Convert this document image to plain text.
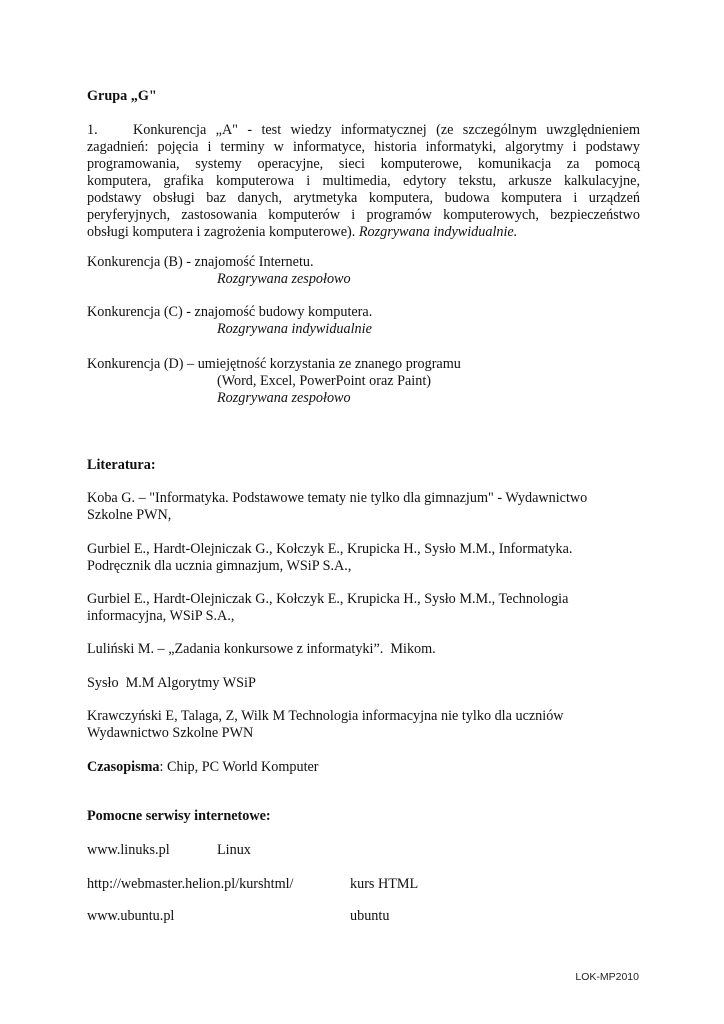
Grupa „G"
1. Konkurencja „A" - test wiedzy informatycznej (ze szczególnym uwzględnieniem
zagadnień: pojęcia i terminy w informatyce, historia informatyki, algorytmy i podstawy
programowania, systemy operacyjne, sieci komputerowe, komunikacja za pomocą
komputera, grafika komputerowa i multimedia, edytory tekstu, arkusze kalkulacyjne,
podstawy obsługi baz danych, arytmetyka komputera, budowa komputera i urządzeń
peryferyjnych, zastosowania komputerów i programów komputerowych, bezpieczeństwo
obsługi komputera i zagrożenia komputerowe). Rozgrywana indywidualnie.
Konkurencja (B) - znajomość Internetu.
Rozgrywana zespołowo
Konkurencja (C) - znajomość budowy komputera.
Rozgrywana indywidualnie
Konkurencja (D) – umiejętność korzystania ze znanego programu
(Word, Excel, PowerPoint oraz Paint)
Rozgrywana zespołowo
Literatura:
Koba G. – "Informatyka. Podstawowe tematy nie tylko dla gimnazjum" - Wydawnictwo
Szkolne PWN,
Gurbiel E., Hardt-Olejniczak G., Kołczyk E., Krupicka H., Sysło M.M., Informatyka.
Podręcznik dla ucznia gimnazjum, WSiP S.A.,
Gurbiel E., Hardt-Olejniczak G., Kołczyk E., Krupicka H., Sysło M.M., Technologia
informacyjna, WSiP S.A.,
Luliński M. – „Zadania konkursowe z informatyki”.  Mikom.
Sysło  M.M Algorytmy WSiP
Krawczyński E, Talaga, Z, Wilk M Technologia informacyjna nie tylko dla uczniów
Wydawnictwo Szkolne PWN
Czasopisma: Chip, PC World Komputer
Pomocne serwisy internetowe:
www.linuks.pl	Linux
http://webmaster.helion.pl/kurshtml/	kurs HTML
www.ubuntu.pl	ubuntu
LOK-MP2010
